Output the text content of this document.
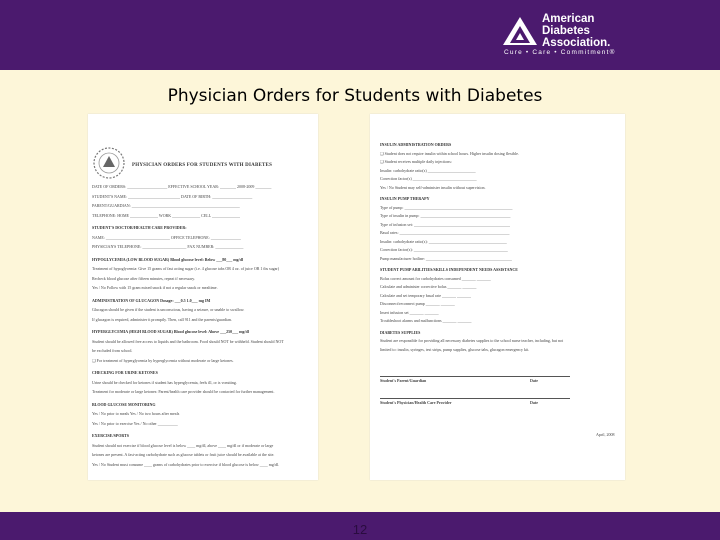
American
Diabetes
Association.
Cure • Care • Commitment®
Physician Orders for Students with Diabetes
PHYSICIAN ORDERS FOR STUDENTS WITH DIABETES
DATE OF ORDERS: ____________________ EFFECTIVE SCHOOL YEAR: ________ 2008-2009 ________
STUDENT'S NAME: __________________________ DATE OF BIRTH: ____________________
PARENT/GUARDIAN: ______________________________________________________
TELEPHONE: HOME ______________ WORK ______________ CELL ______________
STUDENT'S DOCTOR/HEALTH CARE PROVIDER:
NAME: ________________________________ OFFICE TELEPHONE: _______________
PHYSICIAN'S TELEPHONE: ______________________ FAX NUMBER: ______________
HYPOGLYCEMIA (LOW BLOOD SUGAR) Blood glucose level: Below ___80___ mg/dl
Treatment of hypoglycemia: Give 15 grams of fast acting sugar (i.e. 4 glucose tabs OR 4 oz. of juice OR 1 tbs sugar)
Recheck blood glucose after fifteen minutes, repeat if necessary.
Yes / No Follow with 15 gram mixed snack if not a regular snack or mealtime.
ADMINISTRATION OF GLUCAGON Dosage: ___0.5 1.0___ mg IM
Glucagon should be given if the student is unconscious, having a seizure, or unable to swallow.
If glucagon is required, administer it promptly. Then, call 911 and the parents/guardian.
HYPERGLYCEMIA (HIGH BLOOD SUGAR) Blood glucose level: Above ___250___ mg/dl
Student should be allowed free access to liquids and the bathroom. Food should NOT be withheld. Student should NOT
be excluded from school.
❑ For treatment of hyperglycemia by hyperglycemia without moderate or large ketones.
CHECKING FOR URINE KETONES
Urine should be checked for ketones if student has hyperglycemia, feels ill, or is vomiting.
Treatment for moderate or large ketones: Parent/health care provider should be contacted for further management.
BLOOD GLUCOSE MONITORING
Yes / No prior to meals Yes / No two hours after meals
Yes / No prior to exercise Yes / No other __________
EXERCISE/SPORTS
Student should not exercise if blood glucose level is below ____ mg/dl, above ____ mg/dl or if moderate or large
ketones are present. A fast-acting carbohydrate such as glucose tablets or fruit juice should be available at the site.
Yes / No Student must consume ____ grams of carbohydrates prior to exercise if blood glucose is below ____ mg/dl.
INSULIN ADMINISTRATION ORDERS
❑ Student does not require insulin within school hours. Higher insulin dosing flexible.
❑ Student receives multiple daily injections:
Insulin: carbohydrate ratio(s) ________________________
Correction factor(s) ________________________________
Yes / No Student may self-administer insulin without supervision.
INSULIN PUMP THERAPY
Type of pump: ______________________________________________________
Type of insulin in pump: _____________________________________________
Type of infusion set: ________________________________________________
Basal rates: _______________________________________________________
Insulin: carbohydrate ratio(s): _______________________________________
Correction factor(s): _______________________________________________
Pump manufacturer hotline: ___________________________________________
STUDENT PUMP ABILITIES/SKILLS INDEPENDENT NEEDS ASSISTANCE
Bolus correct amount for carbohydrates consumed _______ _______
Calculate and administer corrective bolus _______ _______
Calculate and set temporary basal rate _______ _______
Disconnect/reconnect pump _______ _______
Insert infusion set _______ _______
Troubleshoot alarms and malfunctions _______ _______
DIABETES SUPPLIES
Student are responsible for providing all necessary diabetes supplies to the school nurse teacher, including, but not
limited to: insulin, syringes, test strips, pump supplies, glucose tabs, glucagon emergency kit.
Student's Parent/Guardian	Date
Student's Physician/Health Care Provider	Date
April, 2008
12
